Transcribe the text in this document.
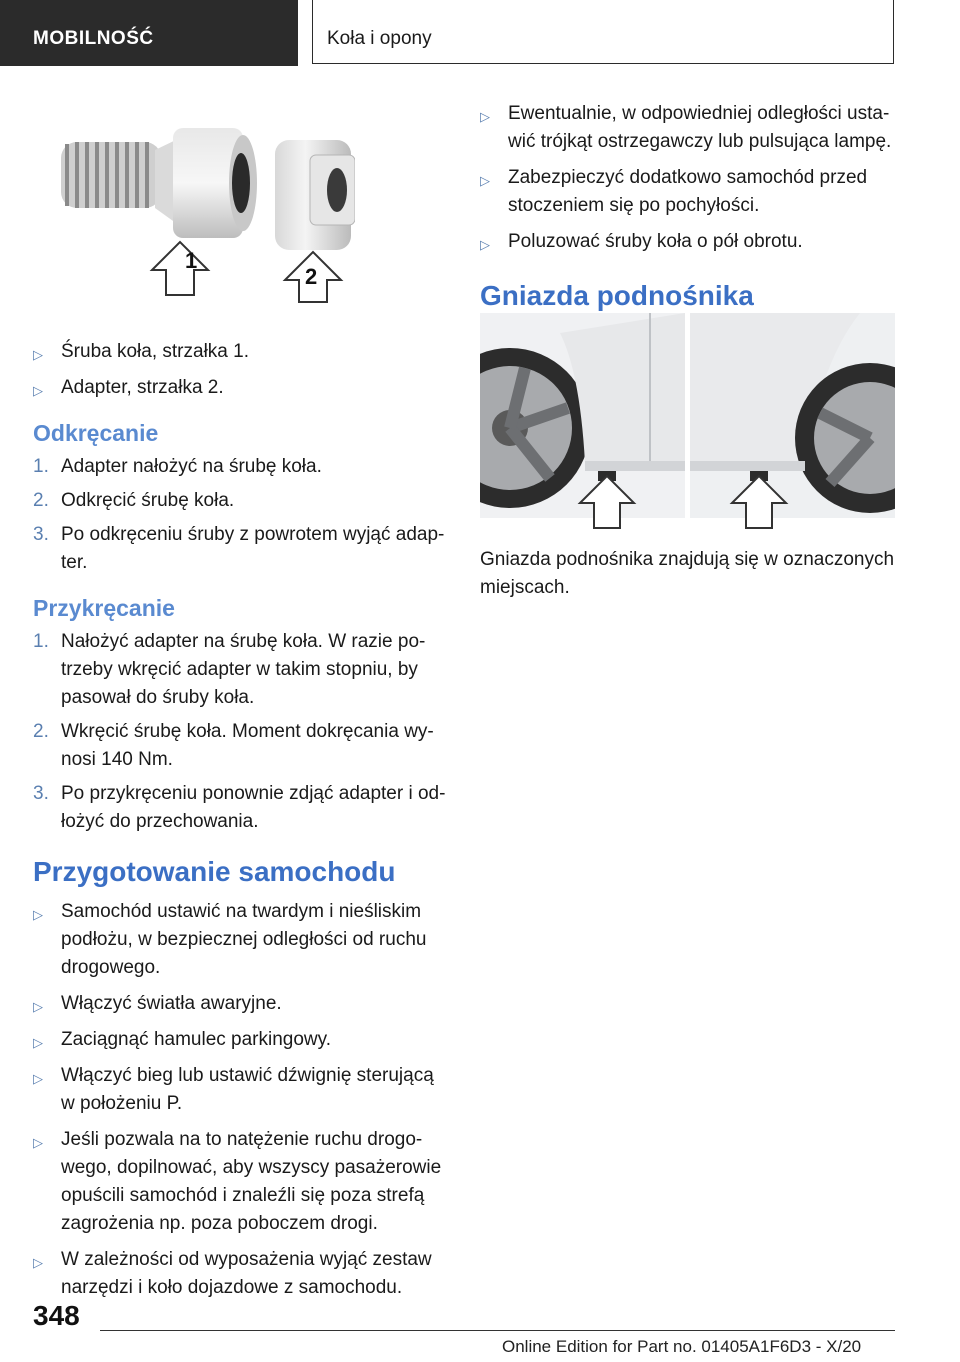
MOBILNOŚĆ	Koła i opony
1
2
▷ Śruba koła, strzałka 1.
▷ Adapter, strzałka 2.
Odkręcanie
1. Adapter nałożyć na śrubę koła.
2. Odkręcić śrubę koła.
3. Po odkręceniu śruby z powrotem wyjąć adap‐ter.
Przykręcanie
1. Nałożyć adapter na śrubę koła. W razie po‐trzeby wkręcić adapter w takim stopniu, by pasował do śruby koła.
2. Wkręcić śrubę koła. Moment dokręcania wy‐nosi 140 Nm.
3. Po przykręceniu ponownie zdjąć adapter i od‐łożyć do przechowania.
Przygotowanie samochodu
▷ Samochód ustawić na twardym i nieśliskim podłożu, w bezpiecznej odległości od ruchu drogowego.
▷ Włączyć światła awaryjne.
▷ Zaciągnąć hamulec parkingowy.
▷ Włączyć bieg lub ustawić dźwignię sterującą w położeniu P.
▷ Jeśli pozwala na to natężenie ruchu drogo‐wego, dopilnować, aby wszyscy pasażerowie opuścili samochód i znaleźli się poza strefą zagrożenia np. poza poboczem drogi.
▷ W zależności od wyposażenia wyjąć zestaw narzędzi i koło dojazdowe z samochodu.
▷ Ewentualnie, w odpowiedniej odległości usta‐wić trójkąt ostrzegawczy lub pulsująca lampę.
▷ Zabezpieczyć dodatkowo samochód przed stoczeniem się po pochyłości.
▷ Poluzować śruby koła o pół obrotu.
Gniazda podnośnika

Gniazda podnośnika znajdują się w oznaczonych miejscach.

348
Online Edition for Part no. 01405A1F6D3 - X/20
